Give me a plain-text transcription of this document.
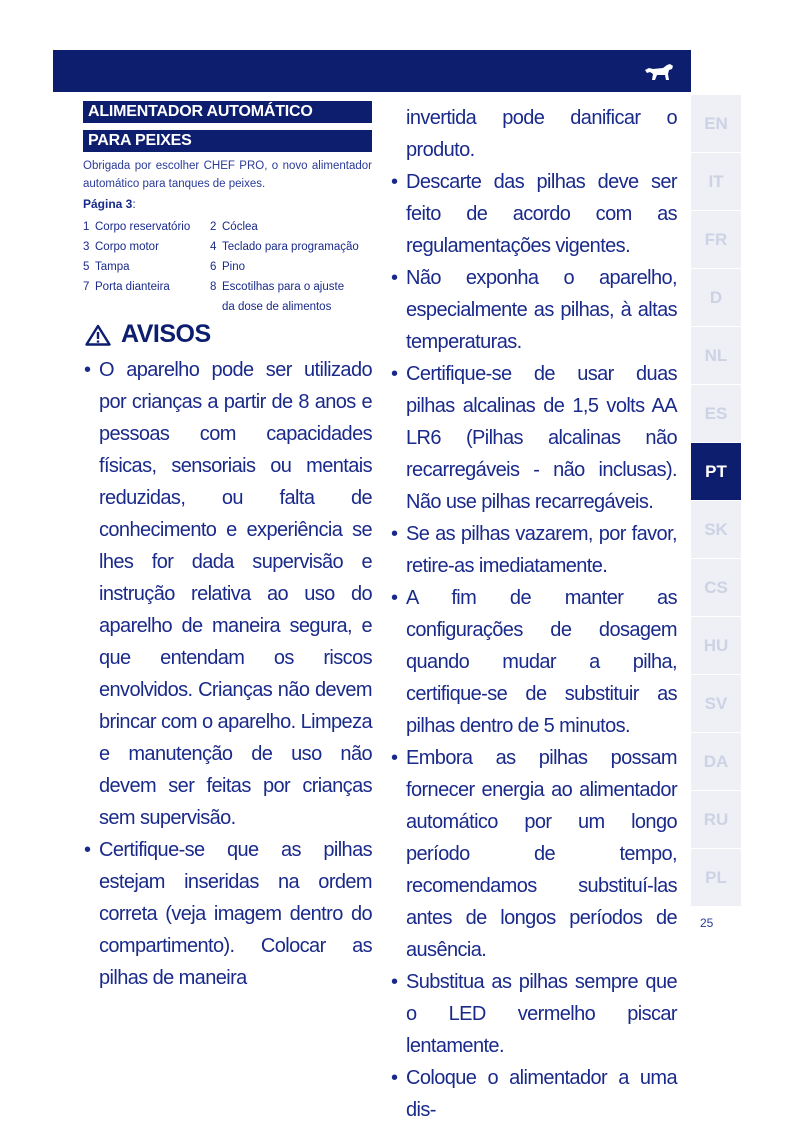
ALIMENTADOR AUTOMÁTICO
PARA PEIXES
Obrigada por escolher CHEF PRO, o novo alimentador automático para tanques de peixes.
Página 3:
1 Corpo reservatório 2 Cóclea
3 Corpo motor	4 Teclado para programação
5 Tampa	6 Pino
7 Porta dianteira	8 Escotilhas para o ajuste da dose de alimentos
AVISOS
• O aparelho pode ser utilizado por crianças a partir de 8 anos e pessoas com capacidades físicas, sensoriais ou mentais reduzidas, ou falta de conhecimento e experiência se lhes for dada supervisão e instrução relativa ao uso do aparelho de maneira segura, e que entendam os riscos envolvidos. Crianças não devem brincar com o aparelho. Limpeza e manutenção de uso não devem ser feitas por crianças sem supervisão.
• Certifique-se que as pilhas estejam inseridas na ordem correta (veja imagem dentro do compartimento). Colocar as pilhas de maneira
invertida pode danificar o produto.
• Descarte das pilhas deve ser feito de acordo com as regulamentações vigentes.
• Não exponha o aparelho, especialmente as pilhas, à altas temperaturas.
• Certifique-se de usar duas pilhas alcalinas de 1,5 volts AA LR6 (Pilhas alcalinas não recarregáveis - não inclusas). Não use pilhas recarregáveis.
• Se as pilhas vazarem, por favor, retire-as imediatamente.
• A fim de manter as configurações de dosagem quando mudar a pilha, certifique-se de substituir as pilhas dentro de 5 minutos.
• Embora as pilhas possam fornecer energia ao alimentador automático por um longo período de tempo, recomendamos substituí-las antes de longos períodos de ausência.
• Substitua as pilhas sempre que o LED vermelho piscar lentamente.
• Coloque o alimentador a uma dis-
EN
IT
FR
D
NL
ES
PT
SK
CS
HU
SV
DA
RU
PL
25
